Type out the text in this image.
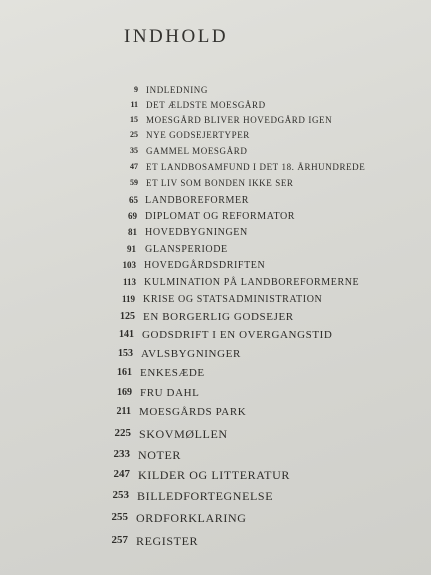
INDHOLD
9 INDLEDNING
11 DET ÆLDSTE MOESGÅRD
15 MOESGÅRD BLIVER HOVEDGÅRD IGEN
25 NYE GODSEJERTYPER
35 GAMMEL MOESGÅRD
47 ET LANDBOSAMFUND I DET 18. ÅRHUNDREDE
59 ET LIV SOM BONDEN IKKE SER
65 LANDBOREFORMER
69 DIPLOMAT OG REFORMATOR
81 HOVEDBYGNINGEN
91 GLANSPERIODE
103 HOVEDGÅRDSDRIFTEN
113 KULMINATION PÅ LANDBOREFORMERNE
119 KRISE OG STATSADMINISTRATION
125 EN BORGERLIG GODSEJER
141 GODSDRIFT I EN OVERGANGSTID
153 AVLSBYGNINGER
161 ENKESÆDE
169 FRU DAHL
211 MOESGÅRDS PARK
225 SKOVMØLLEN
233 NOTER
247 KILDER OG LITTERATUR
253 BILLEDFORTEGNELSE
255 ORDFORKLARING
257 REGISTER
